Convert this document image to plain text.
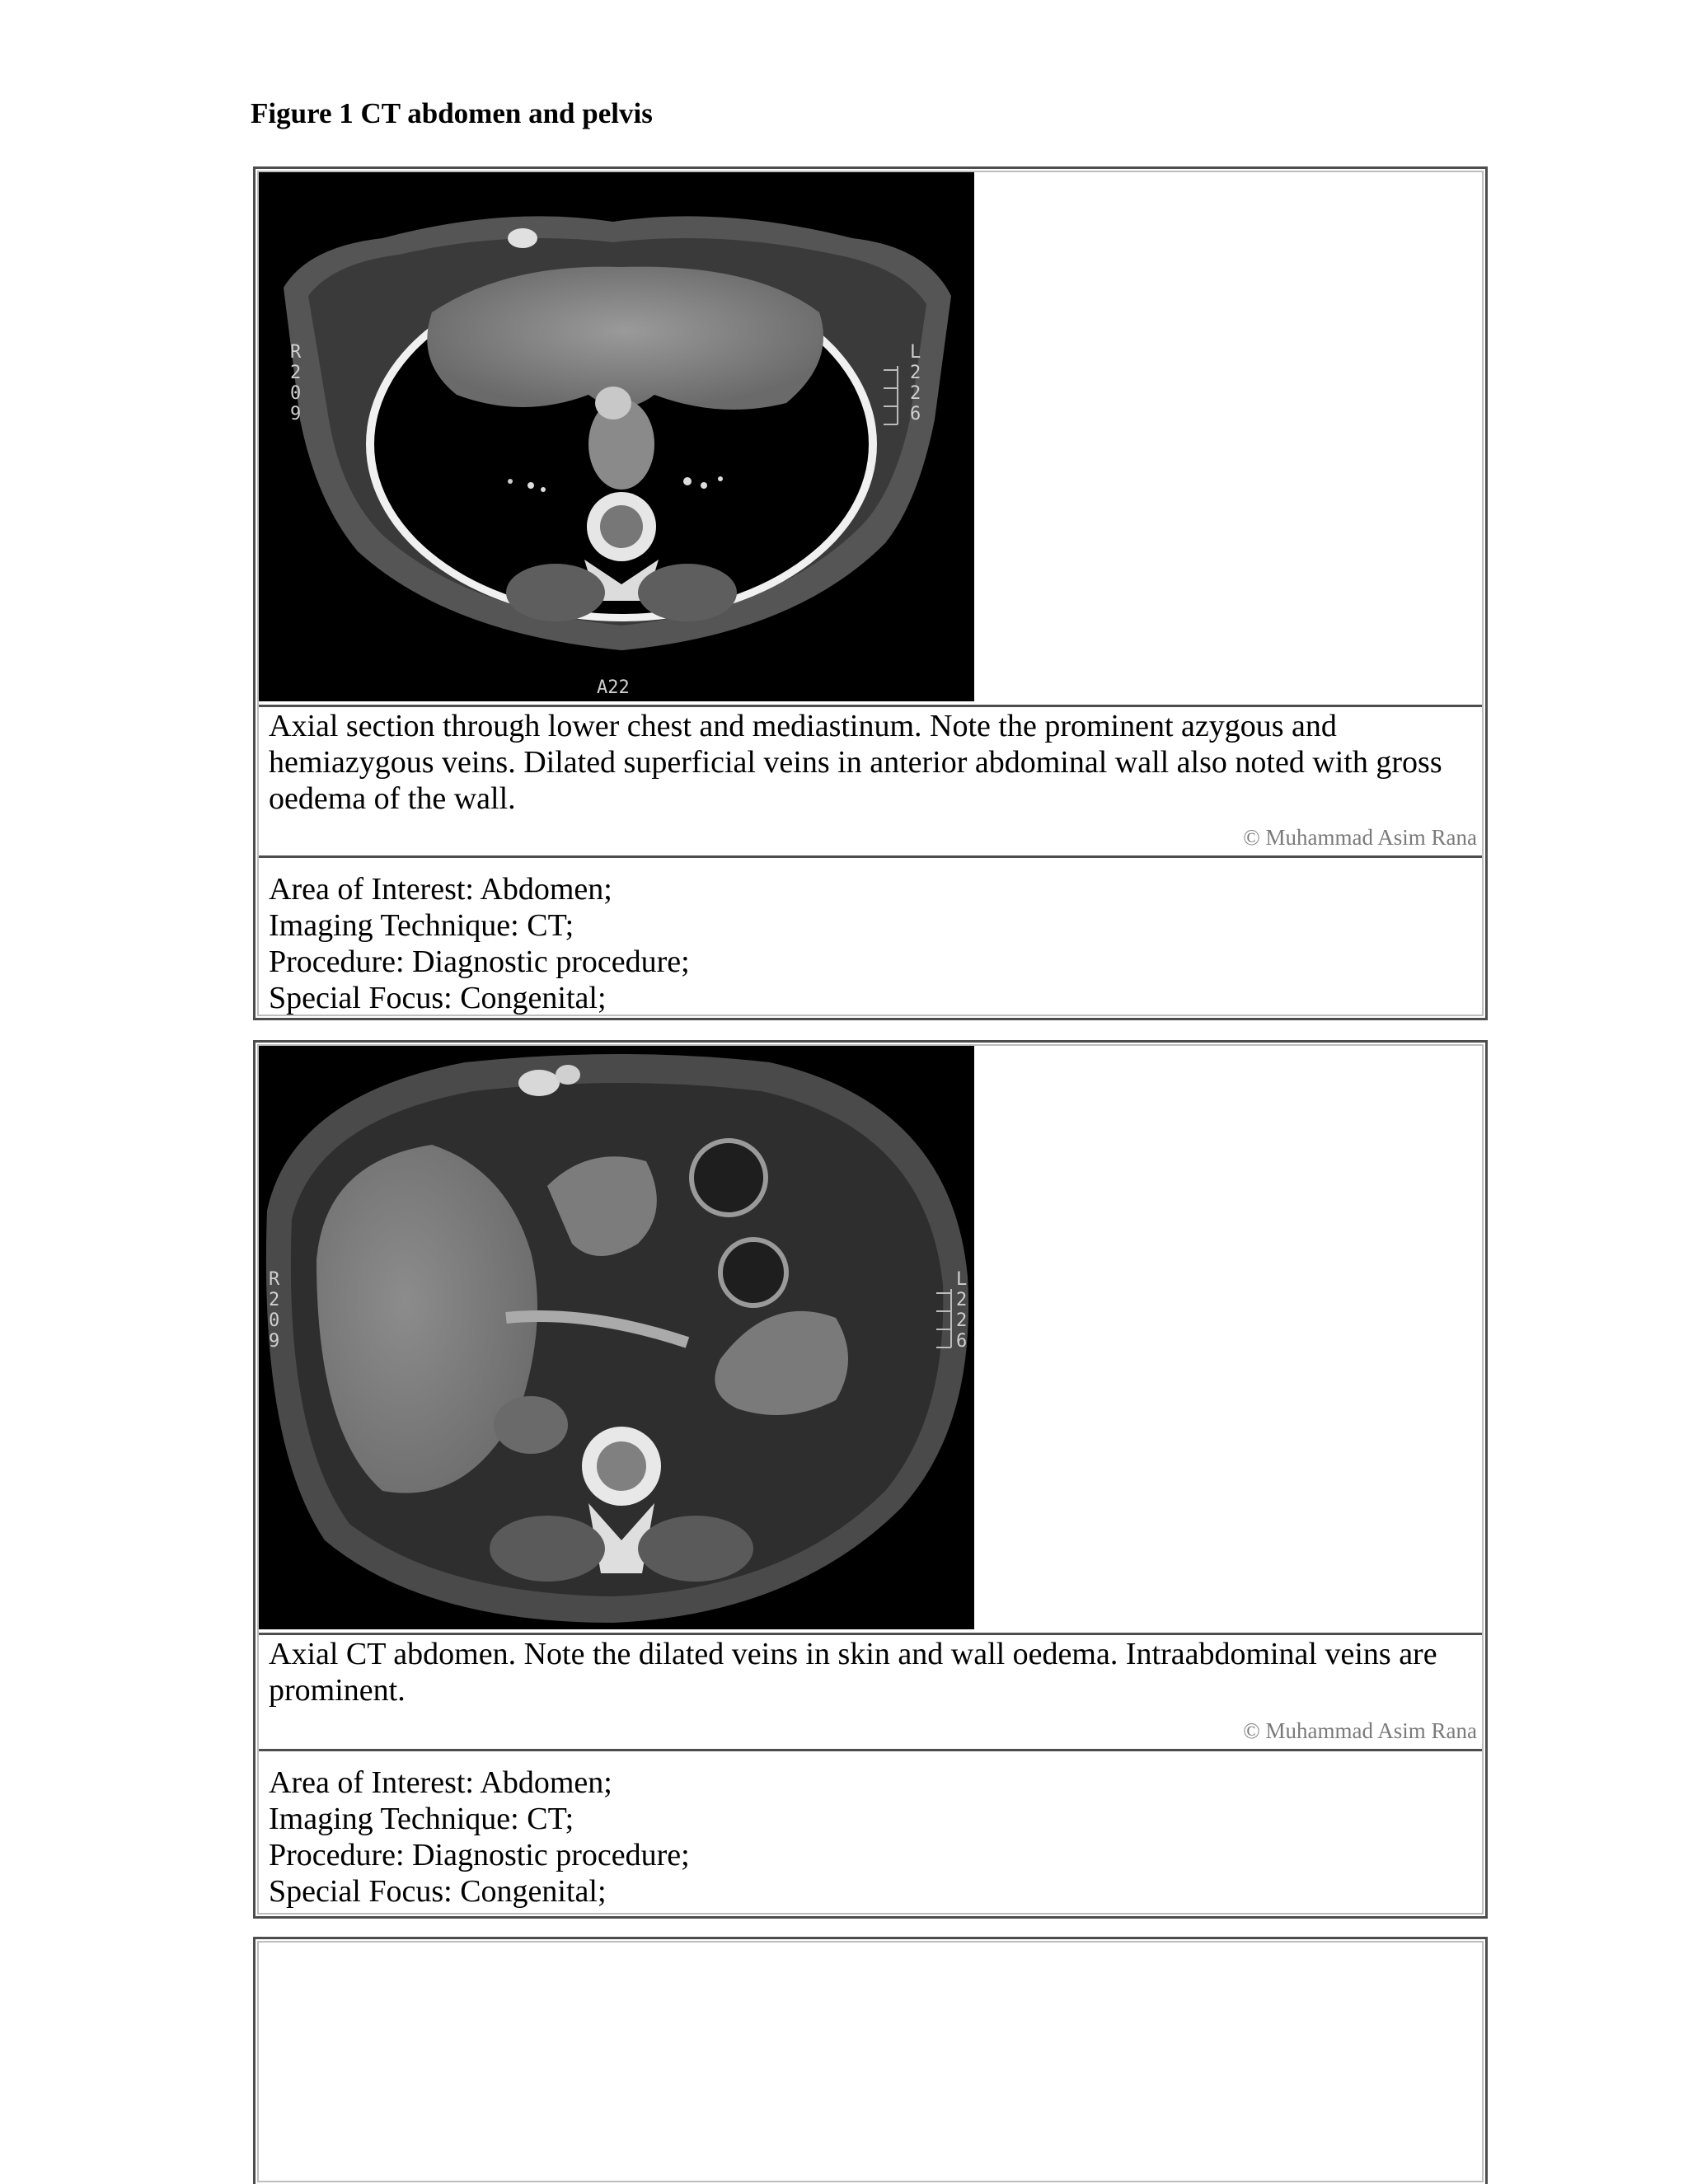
Figure 1 CT abdomen and pelvis
R
2
0
9
L
2
2
6
A22
Axial section through lower chest and mediastinum. Note the prominent azygous and hemiazygous veins. Dilated superficial veins in anterior abdominal wall also noted with gross oedema of the wall.
© Muhammad Asim Rana
Area of Interest: Abdomen;
Imaging Technique: CT;
Procedure: Diagnostic procedure;
Special Focus: Congenital;
R
2
0
9
L
2
2
6
Axial CT abdomen. Note the dilated veins in skin and wall oedema. Intraabdominal veins are prominent.
© Muhammad Asim Rana
Area of Interest: Abdomen;
Imaging Technique: CT;
Procedure: Diagnostic procedure;
Special Focus: Congenital;
